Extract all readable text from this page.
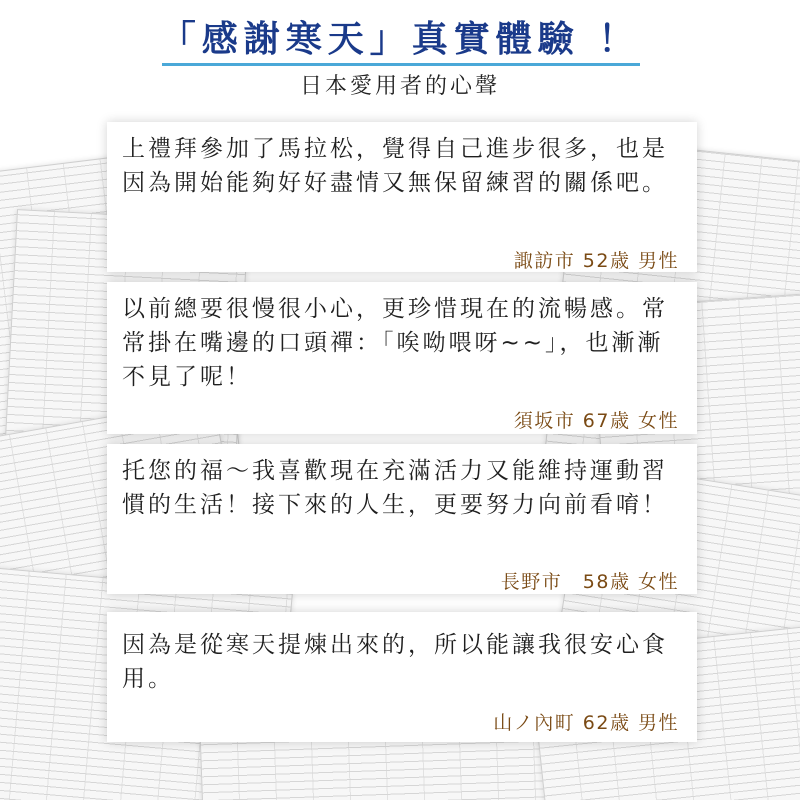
「感謝寒天」真實體驗 ！
日本愛用者的心聲

上禮拜參加了馬拉松，覺得自己進步很多，也是因為開始能夠好好盡情又無保留練習的關係吧。

諏訪市 52歳 男性

以前總要很慢很小心，更珍惜現在的流暢感。常常掛在嘴邊的口頭禪：「唉呦喂呀~~」，也漸漸不見了呢！

須坂市 67歳 女性

托您的福～我喜歡現在充滿活力又能維持運動習慣的生活！接下來的人生，更要努力向前看唷！

長野市　58歳 女性

因為是從寒天提煉出來的，所以能讓我很安心食用。

山ノ內町 62歳 男性
